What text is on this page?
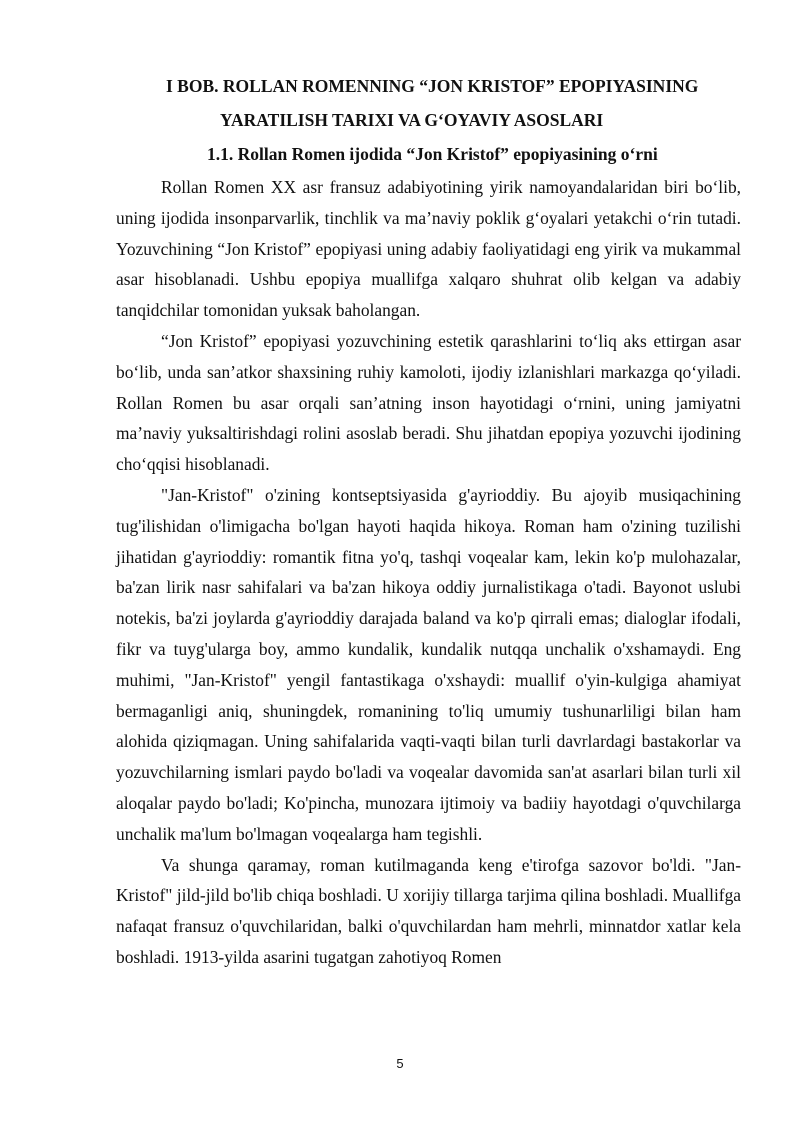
I BOB. ROLLAN ROMENNING “JON KRISTOF” EPOPIYASINING
YARATILISH TARIXI VA G‘OYAVIY ASOSLARI
1.1. Rollan Romen ijodida “Jon Kristof” epopiyasining o‘rni

Rollan Romen XX asr fransuz adabiyotining yirik namoyandalaridan biri bo‘lib, uning ijodida insonparvarlik, tinchlik va ma’naviy poklik g‘oyalari yetakchi o‘rin tutadi. Yozuvchining “Jon Kristof” epopiyasi uning adabiy faoliyatidagi eng yirik va mukammal asar hisoblanadi. Ushbu epopiya muallifga xalqaro shuhrat olib kelgan va adabiy tanqidchilar tomonidan yuksak baholangan.

“Jon Kristof” epopiyasi yozuvchining estetik qarashlarini to‘liq aks ettirgan asar bo‘lib, unda san’atkor shaxsining ruhiy kamoloti, ijodiy izlanishlari markazga qo‘yiladi. Rollan Romen bu asar orqali san’atning inson hayotidagi o‘rnini, uning jamiyatni ma’naviy yuksaltirishdagi rolini asoslab beradi. Shu jihatdan epopiya yozuvchi ijodining cho‘qqisi hisoblanadi.

"Jan-Kristof" o'zining kontseptsiyasida g'ayrioddiy. Bu ajoyib musiqachining tug'ilishidan o'limigacha bo'lgan hayoti haqida hikoya. Roman ham o'zining tuzilishi jihatidan g'ayrioddiy: romantik fitna yo'q, tashqi voqealar kam, lekin ko'p mulohazalar, ba'zan lirik nasr sahifalari va ba'zan hikoya oddiy jurnalistikaga o'tadi. Bayonot uslubi notekis, ba'zi joylarda g'ayrioddiy darajada baland va ko'p qirrali emas; dialoglar ifodali, fikr va tuyg'ularga boy, ammo kundalik, kundalik nutqqa unchalik o'xshamaydi. Eng muhimi, "Jan-Kristof" yengil fantastikaga o'xshaydi: muallif o'yin-kulgiga ahamiyat bermaganligi aniq, shuningdek, romanining to'liq umumiy tushunarliligi bilan ham alohida qiziqmagan. Uning sahifalarida vaqti-vaqti bilan turli davrlardagi bastakorlar va yozuvchilarning ismlari paydo bo'ladi va voqealar davomida san'at asarlari bilan turli xil aloqalar paydo bo'ladi; Ko'pincha, munozara ijtimoiy va badiiy hayotdagi o'quvchilarga unchalik ma'lum bo'lmagan voqealarga ham tegishli.

Va shunga qaramay, roman kutilmaganda keng e'tirofga sazovor bo'ldi. "Jan-Kristof" jild-jild bo'lib chiqa boshladi. U xorijiy tillarga tarjima qilina boshladi. Muallifga nafaqat fransuz o'quvchilaridan, balki o'quvchilardan ham mehrli, minnatdor xatlar kela boshladi. 1913-yilda asarini tugatgan zahotiyoq Romen

5
